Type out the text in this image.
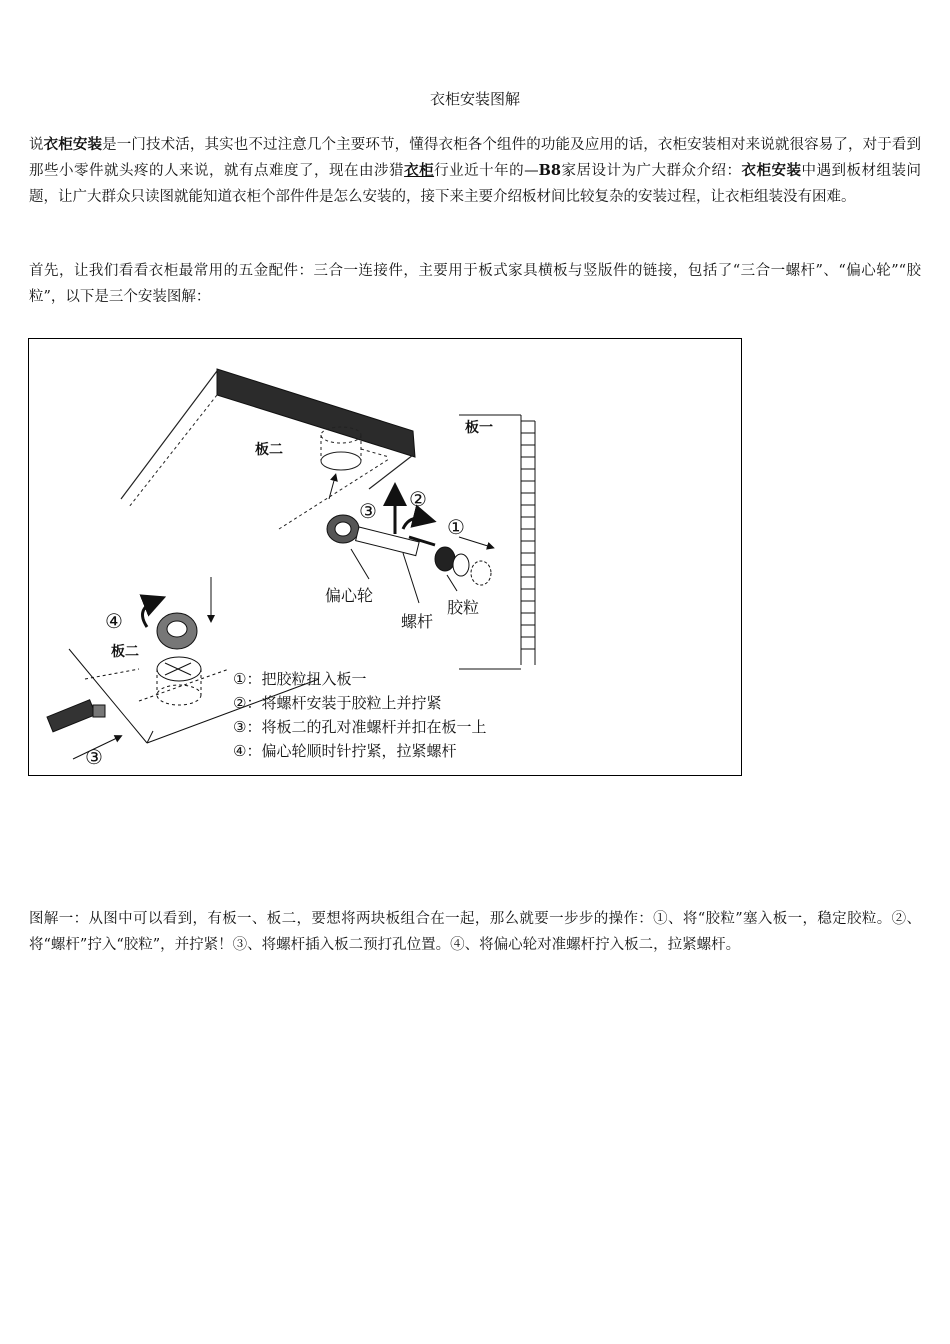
衣柜安装图解
说衣柜安装是一门技术活，其实也不过注意几个主要环节，懂得衣柜各个组件的功能及应用的话，衣柜安装相对来说就很容易了，对于看到那些小零件就头疼的人来说，就有点难度了，现在由涉猎衣柜行业近十年的—B8家居设计为广大群众介绍：衣柜安装中遇到板材组装问题，让广大群众只读图就能知道衣柜个部件件是怎么安装的，接下来主要介绍板材间比较复杂的安装过程，让衣柜组装没有困难。
首先，让我们看看衣柜最常用的五金配件：三合一连接件，主要用于板式家具横板与竖版件的链接，包括了“三合一螺杆”、“偏心轮”“胶粒”，以下是三个安装图解：
板二
板一
板二
偏心轮
螺杆
胶粒
①
②
③
④
③
①：把胶粒扭入板一
②：将螺杆安装于胶粒上并拧紧
③：将板二的孔对准螺杆并扣在板一上
④：偏心轮顺时针拧紧，拉紧螺杆
图解一：从图中可以看到，有板一、板二，要想将两块板组合在一起，那么就要一步步的操作：①、将“胶粒”塞入板一，稳定胶粒。②、将“螺杆”拧入“胶粒”，并拧紧！③、将螺杆插入板二预打孔位置。④、将偏心轮对准螺杆拧入板二，拉紧螺杆。
